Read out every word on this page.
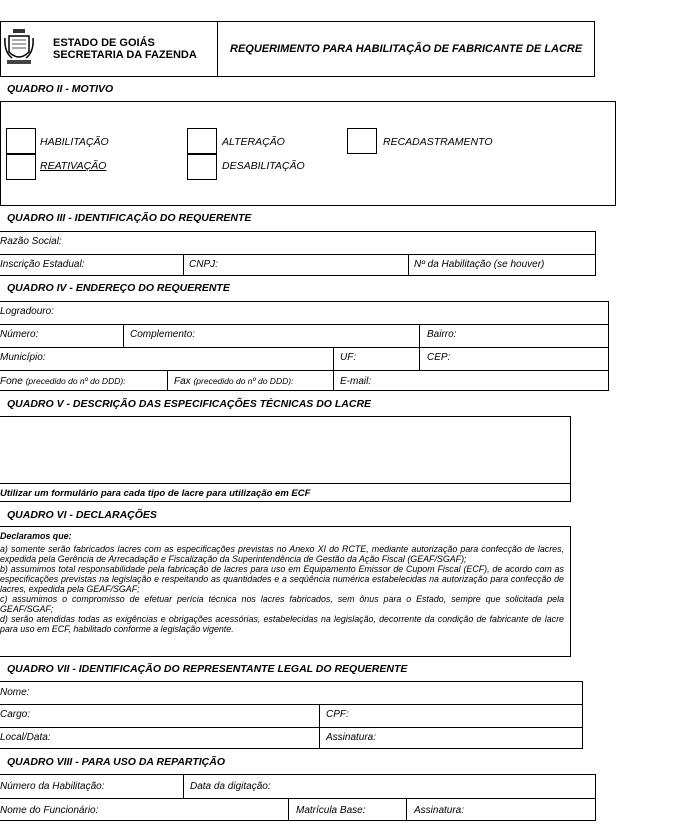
ESTADO DE GOIÁS
SECRETARIA DA FAZENDA	REQUERIMENTO PARA HABILITAÇÃO DE FABRICANTE DE LACRE
QUADRO II - MOTIVO
HABILITAÇÃO
REATIVAÇÃO
ALTERAÇÃO
DESABILITAÇÃO
RECADASTRAMENTO
QUADRO III - IDENTIFICAÇÃO DO REQUERENTE
Razão Social:
Inscrição Estadual:	CNPJ:	Nº da Habilitação (se houver)
QUADRO IV - ENDEREÇO DO REQUERENTE
Logradouro:
Número:	Complemento:	Bairro:
Município:	UF:	CEP:
Fone (precedido do nº do DDD):	Fax (precedido do nº do DDD):	E-mail:
QUADRO V - DESCRIÇÃO DAS ESPECIFICAÇÕES TÉCNICAS DO LACRE
Utilizar um formulário para cada tipo de lacre para utilização em ECF
QUADRO VI - DECLARAÇÕES

Declaramos que:

a) somente serão fabricados lacres com as especificações previstas no Anexo XI do RCTE, mediante autorização para confecção de lacres, expedida pela Gerência de Arrecadação e Fiscalização da Superintendência de Gestão da Ação Fiscal (GEAF/SGAF);

b) assumimos total responsabilidade pela fabricação de lacres para uso em Equipamento Emissor de Cupom Fiscal (ECF), de acordo com as especificações previstas na legislação e respeitando as quantidades e a seqüência numérica estabelecidas na autorização para confecção de lacres, expedida pela GEAF/SGAF;

c) assumimos o compromisso de efetuar perícia técnica nos lacres fabricados, sem ônus para o Estado, sempre que solicitada pela GEAF/SGAF;

d) serão atendidas todas as exigências e obrigações acessórias, estabelecidas na legislação, decorrente da condição de fabricante de lacre para uso em ECF, habilitado conforme a legislação vigente.

QUADRO VII - IDENTIFICAÇÃO DO REPRESENTANTE LEGAL DO REQUERENTE
Nome:
Cargo:	CPF:
Local/Data:	Assinatura:
QUADRO VIII - PARA USO DA REPARTIÇÃO
Número da Habilitação:	Data da digitação:
Nome do Funcionário:	Matrícula Base:	Assinatura:
